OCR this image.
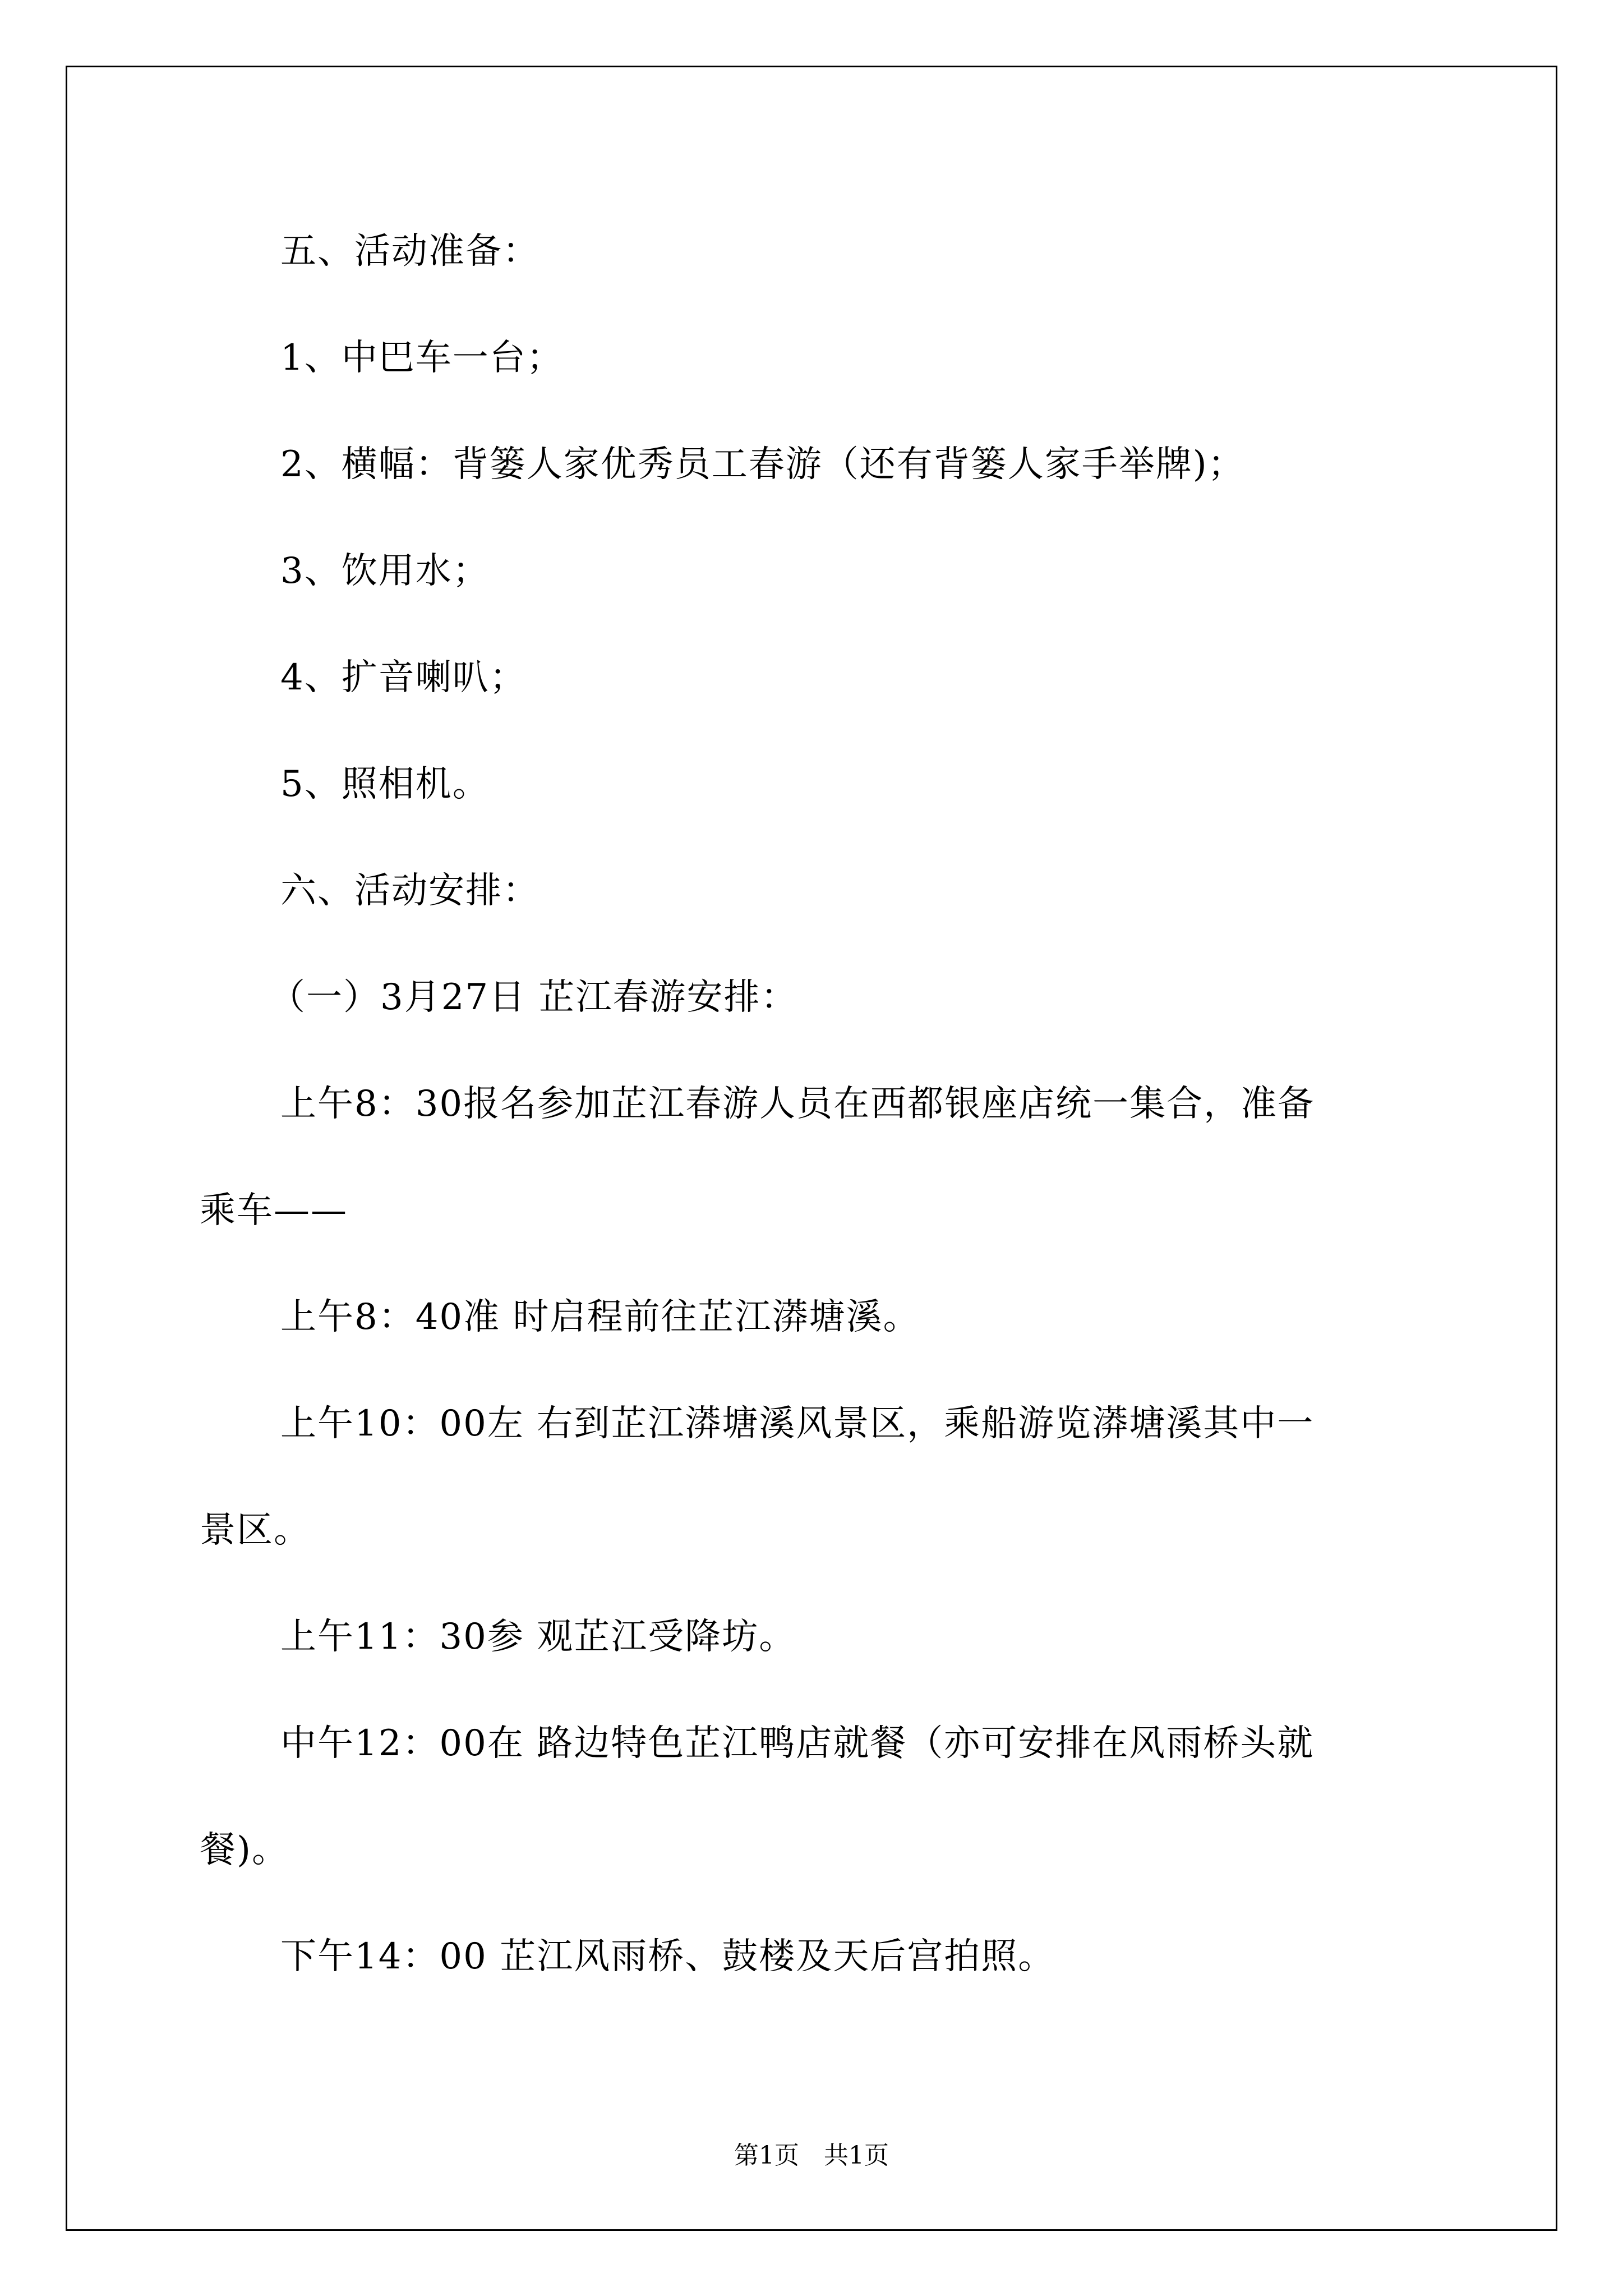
五、活动准备：
1、中巴车一台；
2、横幅：背篓人家优秀员工春游（还有背篓人家手举牌)；
3、饮用水；
4、扩音喇叭；
5、照相机。
六、活动安排：
（一）3月27日 芷江春游安排：
上午8：30报名参加芷江春游人员在西都银座店统一集合，准备
乘车——
上午8：40准 时启程前往芷江漭塘溪。
上午10：00左 右到芷江漭塘溪风景区，乘船游览漭塘溪其中一
景区。
上午11：30参 观芷江受降坊。
中午12：00在 路边特色芷江鸭店就餐（亦可安排在风雨桥头就
餐)。
下午14：00 芷江风雨桥、鼓楼及天后宫拍照。
第1页　共1页
